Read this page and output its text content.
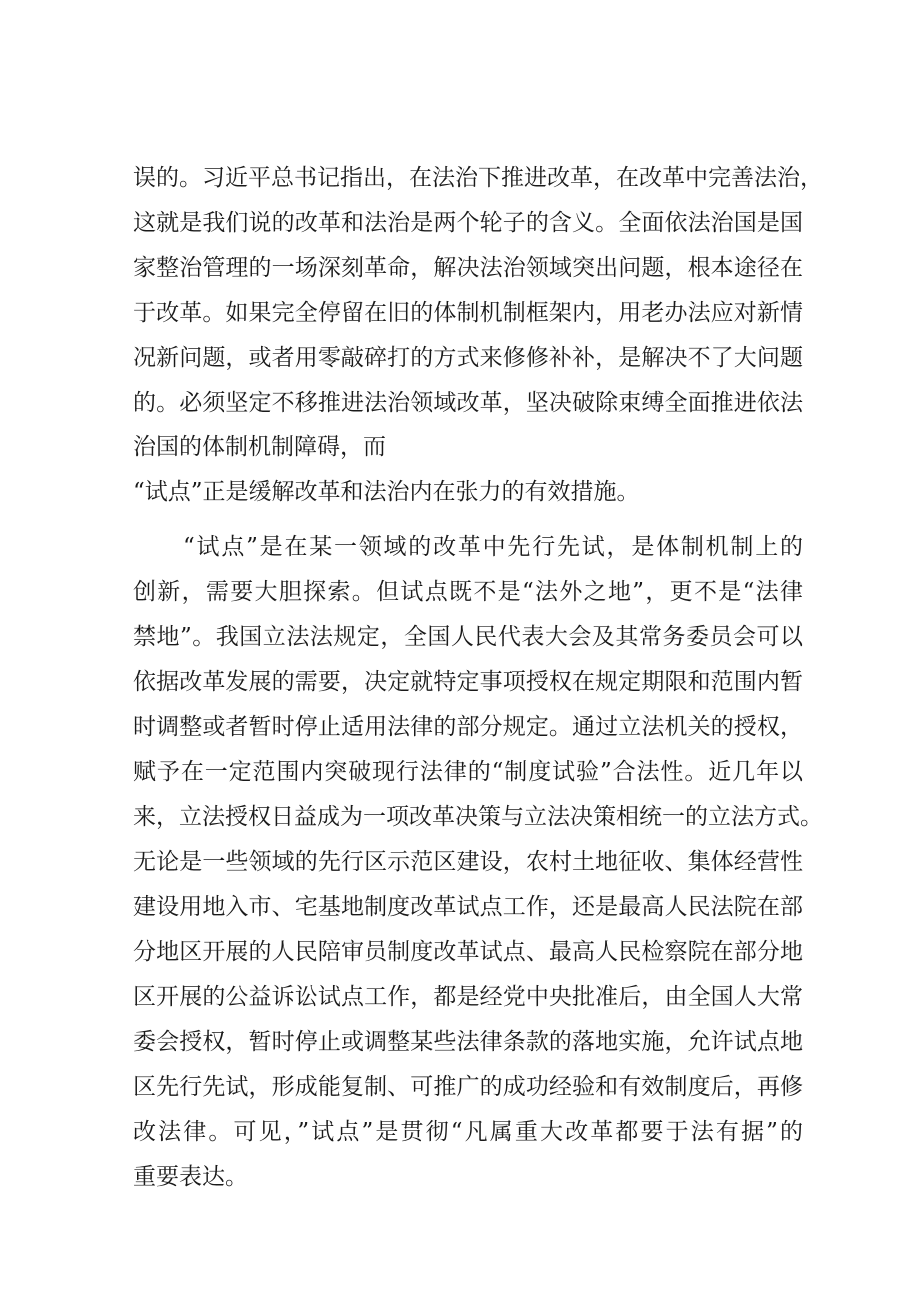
误的。习近平总书记指出，在法治下推进改革，在改革中完善法治，
这就是我们说的改革和法治是两个轮子的含义。全面依法治国是国
家整治管理的一场深刻革命，解决法治领域突出问题，根本途径在
于改革。如果完全停留在旧的体制机制框架内，用老办法应对新情
况新问题，或者用零敲碎打的方式来修修补补，是解决不了大问题
的。必须坚定不移推进法治领域改革，坚决破除束缚全面推进依法
治国的体制机制障碍，而
“试点”正是缓解改革和法治内在张力的有效措施。
“试点”是在某一领域的改革中先行先试，是体制机制上的
创新，需要大胆探索。但试点既不是“法外之地”，更不是“法律
禁地”。我国立法法规定，全国人民代表大会及其常务委员会可以
依据改革发展的需要，决定就特定事项授权在规定期限和范围内暂
时调整或者暂时停止适用法律的部分规定。通过立法机关的授权，
赋予在一定范围内突破现行法律的“制度试验”合法性。近几年以
来，立法授权日益成为一项改革决策与立法决策相统一的立法方式。
无论是一些领域的先行区示范区建设，农村土地征收、集体经营性
建设用地入市、宅基地制度改革试点工作，还是最高人民法院在部
分地区开展的人民陪审员制度改革试点、最高人民检察院在部分地
区开展的公益诉讼试点工作，都是经党中央批准后，由全国人大常
委会授权，暂时停止或调整某些法律条款的落地实施，允许试点地
区先行先试，形成能复制、可推广的成功经验和有效制度后，再修
改法律。可见，”试点”是贯彻“凡属重大改革都要于法有据”的
重要表达。
